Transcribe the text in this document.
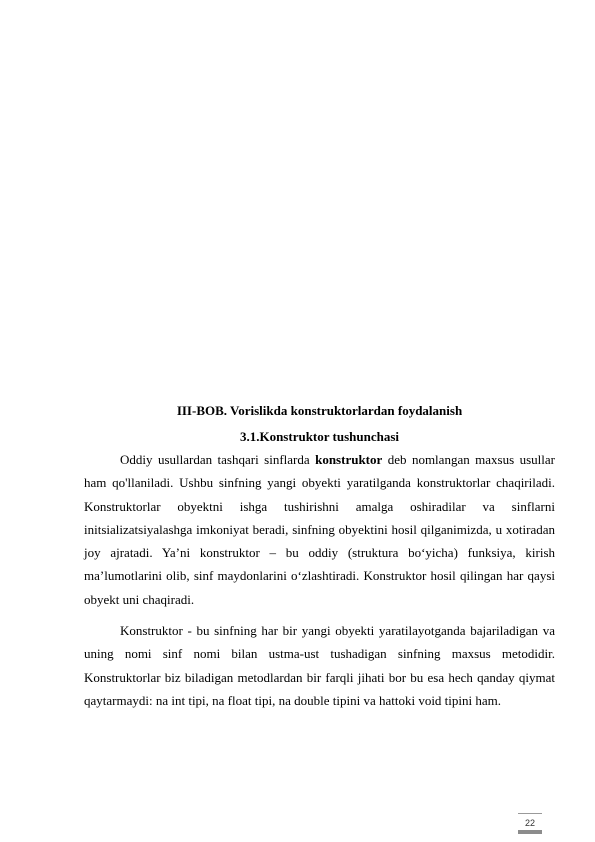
III-BOB. Vorislikda konstruktorlardan foydalanish
3.1.Konstruktor tushunchasi

Oddiy usullardan tashqari sinflarda konstruktor deb nomlangan maxsus usullar ham qo'llaniladi. Ushbu sinfning yangi obyekti yaratilganda konstruktorlar chaqiriladi. Konstruktorlar obyektni ishga tushirishni amalga oshiradilar va sinflarni initsializatsiyalashga imkoniyat beradi, sinfning obyektini hosil qilganimizda, u xotiradan joy ajratadi. Ya’ni konstruktor – bu oddiy (struktura bo‘yicha) funksiya, kirish ma’lumotlarini olib, sinf maydonlarini o‘zlashtiradi. Konstruktor hosil qilingan har qaysi obyekt uni chaqiradi.

Konstruktor - bu sinfning har bir yangi obyekti yaratilayotganda bajariladigan va uning nomi sinf nomi bilan ustma-ust tushadigan sinfning maxsus metodidir. Konstruktorlar biz biladigan metodlardan bir farqli jihati bor bu esa hech qanday qiymat qaytarmaydi: na int tipi, na float tipi, na double tipini va hattoki void tipini ham.

22
